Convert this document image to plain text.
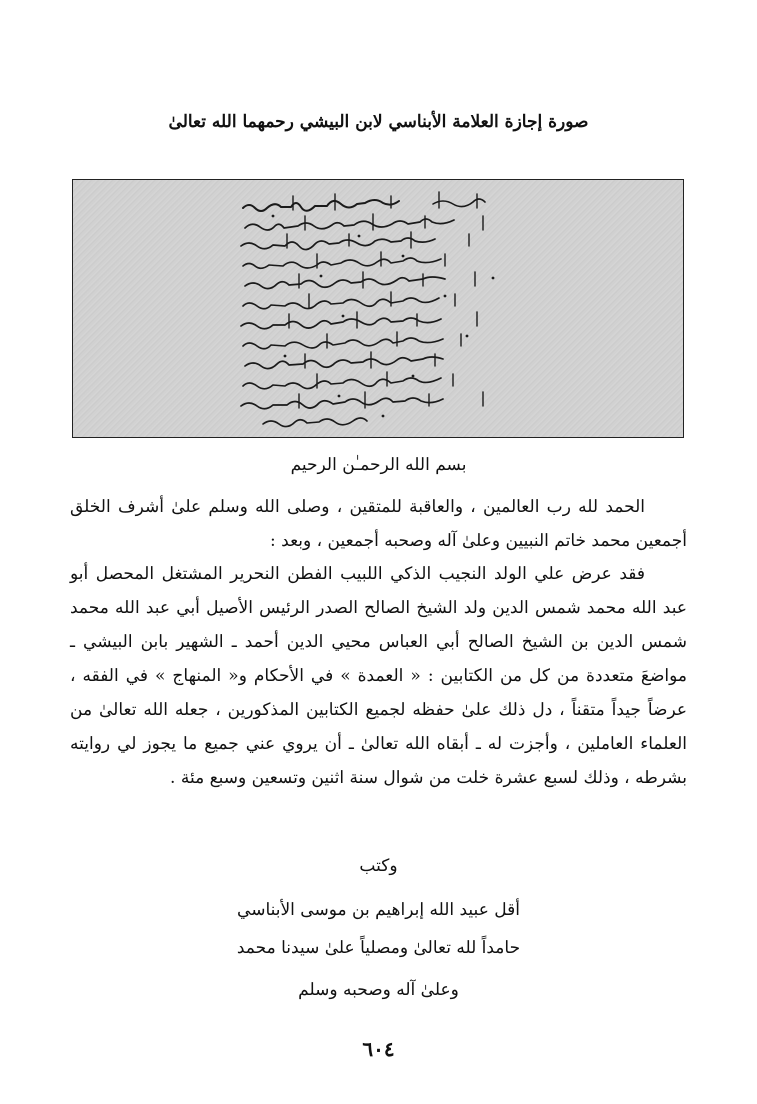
صورة إجازة العلامة الأبناسي لابن البيشي رحمهما الله تعالىٰ
بسم الله الرحمـٰن الرحيم
الحمد لله رب العالمين ، والعاقبة للمتقين ، وصلى الله وسلم علىٰ أشرف الخلق أجمعين محمد خاتم النبيين وعلىٰ آله وصحبه أجمعين ، وبعد :
فقد عرض علي الولد النجيب الذكي اللبيب الفطن النحرير المشتغل المحصل أبو عبد الله محمد شمس الدين ولد الشيخ الصالح الصدر الرئيس الأصيل أبي عبد الله محمد شمس الدين بن الشيخ الصالح أبي العباس محيي الدين أحمد ـ الشهير بابن البيشي ـ مواضعَ متعددة من كل من الكتابين : « العمدة » في الأحكام و« المنهاج » في الفقه ، عرضاً جيداً متقناً ، دل ذلك علىٰ حفظه لجميع الكتابين المذكورين ، جعله الله تعالىٰ من العلماء العاملين ، وأجزت له ـ أبقاه الله تعالىٰ ـ أن يروي عني جميع ما يجوز لي روايته بشرطه ، وذلك لسبع عشرة خلت من شوال سنة اثنين وتسعين وسبع مئة .
وكتب
أقل عبيد الله إبراهيم بن موسى الأبناسي
حامداً لله تعالىٰ ومصلياً علىٰ سيدنا محمد
وعلىٰ آله وصحبه وسلم
٦٠٤
